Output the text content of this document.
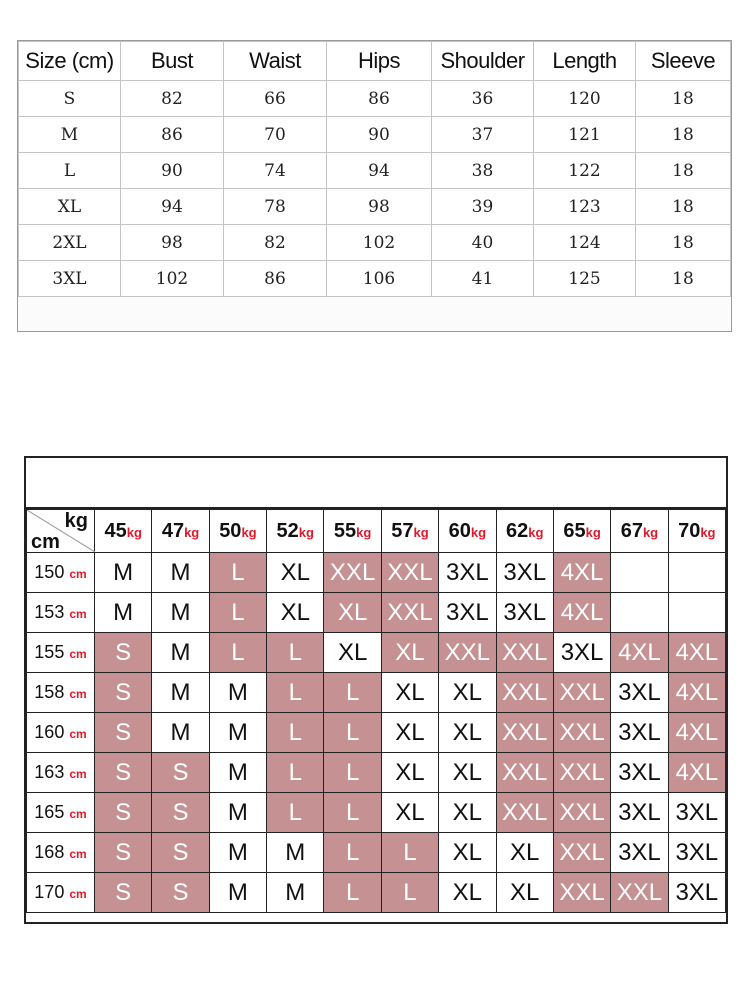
Size (cm)	Bust	Waist	Hips	Shoulder	Length	Sleeve
S	82	66	86	36	120	18
M	86	70	90	37	121	18
L	90	74	94	38	122	18
XL	94	78	98	39	123	18
2XL	98	82	102	40	124	18
3XL	102	86	106	41	125	18
kg
cm	45kg	47kg	50kg	52kg	55kg	57kg	60kg	62kg	65kg	67kg	70kg
150 cm	M	M	L	XL	XXL	XXL	3XL	3XL	4XL		
153 cm	M	M	L	XL	XL	XXL	3XL	3XL	4XL		
155 cm	S	M	L	L	XL	XL	XXL	XXL	3XL	4XL	4XL
158 cm	S	M	M	L	L	XL	XL	XXL	XXL	3XL	4XL
160 cm	S	M	M	L	L	XL	XL	XXL	XXL	3XL	4XL
163 cm	S	S	M	L	L	XL	XL	XXL	XXL	3XL	4XL
165 cm	S	S	M	L	L	XL	XL	XXL	XXL	3XL	3XL
168 cm	S	S	M	M	L	L	XL	XL	XXL	3XL	3XL
170 cm	S	S	M	M	L	L	XL	XL	XXL	XXL	3XL
